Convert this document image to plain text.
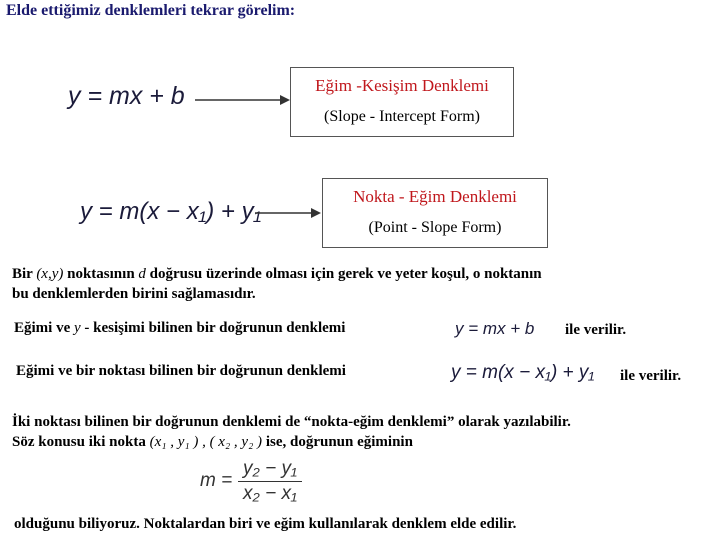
Elde ettiğimiz denklemleri tekrar görelim:
y = mx + b	Eğim -Kesişim Denklemi
(Slope - Intercept Form)
y = m(x − x₁) + y₁
Nokta - Eğim Denklemi
(Point - Slope Form)
Bir (x,y) noktasının d doğrusu üzerinde olması için gerek ve yeter koşul, o noktanın
bu denklemlerden birini sağlamasıdır.
Eğimi ve y - kesişimi bilinen bir doğrunun denklemi	y = mx + b ile verilir.
Eğimi ve bir noktası bilinen bir doğrunun denklemi	y = m(x − x₁) + y₁ ile verilir.
İki noktası bilinen bir doğrunun denklemi de “nokta-eğim denklemi” olarak yazılabilir.
Söz konusu iki nokta (x₁ , y₁ ) , ( x₂ , y₂ ) ise, doğrunun eğiminin
m =
y₂ − y₁
x₂ − x₁
olduğunu biliyoruz. Noktalardan biri ve eğim kullanılarak denklem elde edilir.
